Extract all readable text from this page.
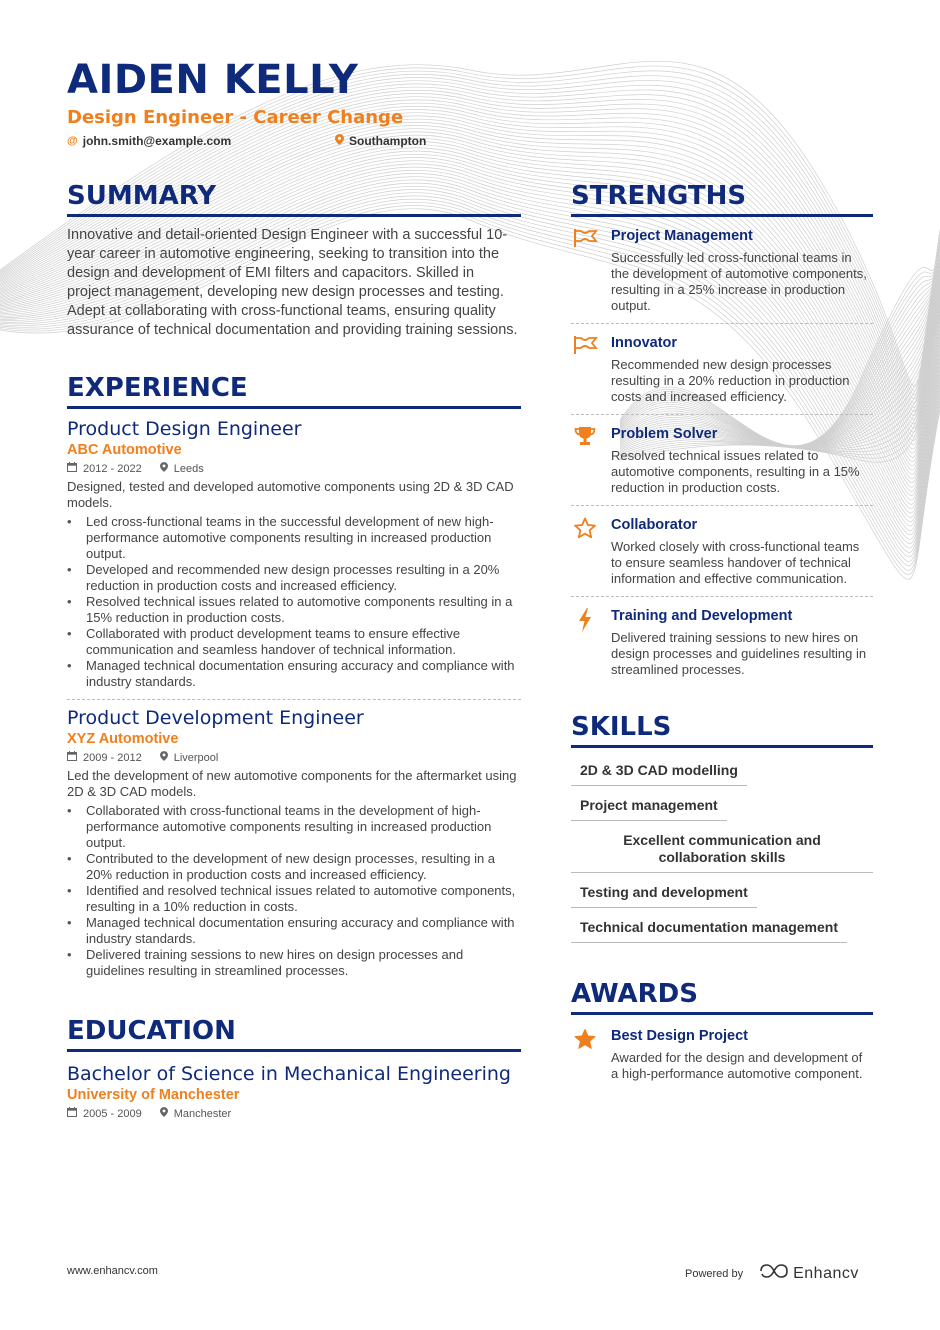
AIDEN KELLY
Design Engineer - Career Change
@ john.smith@example.com	Southampton
SUMMARY

Innovative and detail-oriented Design Engineer with a successful 10-year career in automotive engineering, seeking to transition into the design and development of EMI filters and capacitors. Skilled in project management, developing new design processes and testing. Adept at collaborating with cross-functional teams, ensuring quality assurance of technical documentation and providing training sessions.

EXPERIENCE
Product Design Engineer
ABC Automotive
2012 - 2022	Leeds

Designed, tested and developed automotive components using 2D & 3D CAD models.

• Led cross-functional teams in the successful development of new high-performance automotive components resulting in increased production output.
• Developed and recommended new design processes resulting in a 20% reduction in production costs and increased efficiency.
• Resolved technical issues related to automotive components resulting in a 15% reduction in production costs.
• Collaborated with product development teams to ensure effective communication and seamless handover of technical information.
• Managed technical documentation ensuring accuracy and compliance with industry standards.
Product Development Engineer
XYZ Automotive
2009 - 2012	Liverpool

Led the development of new automotive components for the aftermarket using 2D & 3D CAD models.

• Collaborated with cross-functional teams in the development of high-performance automotive components resulting in increased production output.
• Contributed to the development of new design processes, resulting in a 20% reduction in production costs and increased efficiency.
• Identified and resolved technical issues related to automotive components, resulting in a 10% reduction in costs.
• Managed technical documentation ensuring accuracy and compliance with industry standards.
• Delivered training sessions to new hires on design processes and guidelines resulting in streamlined processes.
EDUCATION
Bachelor of Science in Mechanical Engineering
University of Manchester
2005 - 2009	Manchester
STRENGTHS
Project Management
Successfully led cross-functional teams in the development of automotive components, resulting in a 25% increase in production output.
Innovator
Recommended new design processes resulting in a 20% reduction in production costs and increased efficiency.
Problem Solver
Resolved technical issues related to automotive components, resulting in a 15% reduction in production costs.
Collaborator
Worked closely with cross-functional teams to ensure seamless handover of technical information and effective communication.
Training and Development
Delivered training sessions to new hires on design processes and guidelines resulting in streamlined processes.
SKILLS
2D & 3D CAD modelling
Project management
Excellent communication and collaboration skills
Testing and development
Technical documentation management
AWARDS
Best Design Project
Awarded for the design and development of a high-performance automotive component.
www.enhancv.com	Powered by	Enhancv
